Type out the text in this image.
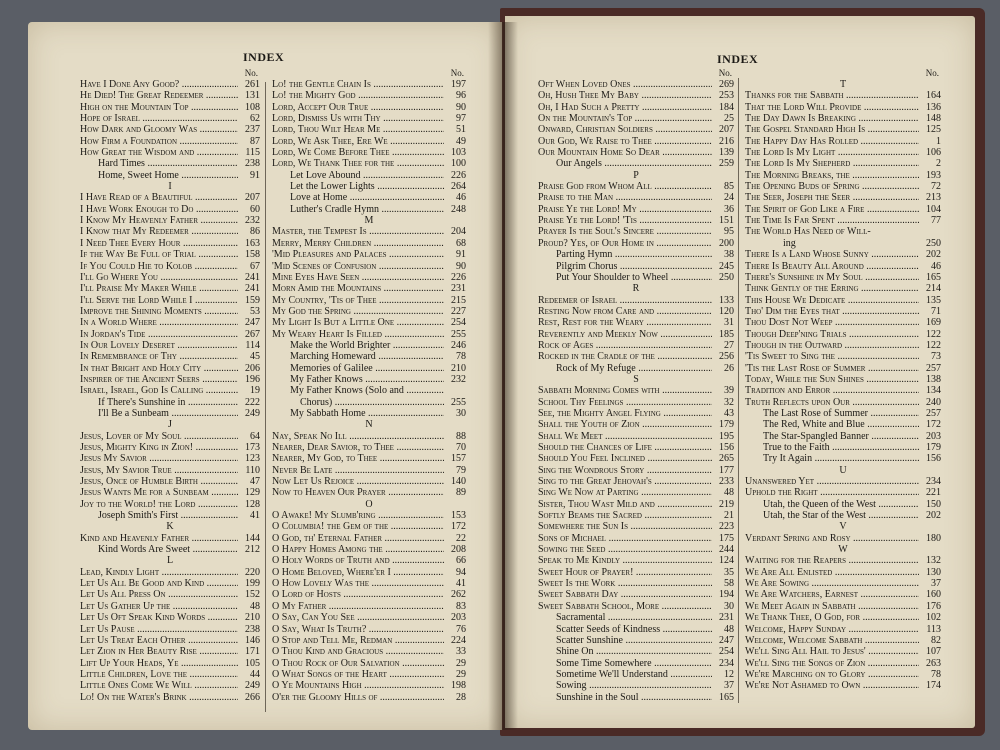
INDEX
No.
Have I Done Any Good? .....	261
He Died! The Great Redeemer .....	131
High on the Mountain Top .....	108
Hope of Israel .....	62
How Dark and Gloomy Was .....	237
How Firm a Foundation .....	87
How Great the Wisdom and .....	115
Hard Times .....	238
Home, Sweet Home .....	91
I
I Have Read of a Beautiful .....	207
I Have Work Enough to Do .....	60
I Know My Heavenly Father .....	232
I Know that My Redeemer .....	86
I Need Thee Every Hour .....	163
If the Way Be Full of Trial .....	158
If You Could Hie to Kolob .....	67
I'll Go Where You .....	241
I'll Praise My Maker While .....	241
I'll Serve the Lord While I .....	159
Improve the Shining Moments .....	53
In a World Where .....	247
In Jordan's Tide .....	267
In Our Lovely Deseret .....	114
In Remembrance of Thy .....	45
In that Bright and Holy City .....	206
Inspirer of the Ancient Seers .....	196
Israel, Israel, God Is Calling .....	19
If There's Sunshine in .....	222
I'll Be a Sunbeam .....	249
J
Jesus, Lover of My Soul .....	64
Jesus, Mighty King in Zion! .....	173
Jesus My Savior .....	123
Jesus, My Savior True .....	110
Jesus, Once of Humble Birth .....	47
Jesus Wants Me for a Sunbeam .....	129
Joy to the World! the Lord .....	128
Joseph Smith's First .....	41
K
Kind and Heavenly Father .....	144
Kind Words Are Sweet .....	212
L
Lead, Kindly Light .....	220
Let Us All Be Good and Kind .....	199
Let Us All Press On .....	152
Let Us Gather Up the .....	48
Let Us Oft Speak Kind Words .....	210
Let Us Pause .....	238
Let Us Treat Each Other .....	146
Let Zion in Her Beauty Rise .....	171
Lift Up Your Heads, Ye .....	105
Little Children, Love the .....	44
Little Ones Come We Will .....	249
Lo! On the Water's Brink .....	266
No.
Lo! the Gentle Chain Is .....	197
Lo! the Mighty God .....	96
Lord, Accept Our True .....	90
Lord, Dismiss Us with Thy .....	97
Lord, Thou Wilt Hear Me .....	51
Lord, We Ask Thee, Ere We .....	49
Lord, We Come Before Thee .....	103
Lord, We Thank Thee for the .....	100
Let Love Abound .....	226
Let the Lower Lights .....	264
Love at Home .....	46
Luther's Cradle Hymn .....	248
M
Master, the Tempest Is .....	204
Merry, Merry Children .....	68
'Mid Pleasures and Palaces .....	91
'Mid Scenes of Confusion .....	90
Mine Eyes Have Seen .....	226
Morn Amid the Mountains .....	231
My Country, 'Tis of Thee .....	215
My God the Spring .....	227
My Light Is But a Little One .....	254
My Weary Heart Is Filled .....	255
Make the World Brighter .....	246
Marching Homeward .....	78
Memories of Galilee .....	210
My Father Knows .....	232
My Father Knows (Solo and .....
Chorus) .....	255
My Sabbath Home .....	30
N
Nay, Speak No Ill .....	88
Nearer, Dear Savior, to Thee .....	70
Nearer, My God, to Thee .....	157
Never Be Late .....	79
Now Let Us Rejoice .....	140
Now to Heaven Our Prayer .....	89
O
O Awake! My Slumb'ring .....	153
O Columbia! the Gem of the .....	172
O God, th' Eternal Father .....	22
O Happy Homes Among the .....	208
O Holy Words of Truth and .....	66
O Home Beloved, Where'er I .....	94
O How Lovely Was the .....	41
O Lord of Hosts .....	262
O My Father .....	83
O Say, Can You See .....	203
O Say, What Is Truth? .....	76
O Stop and Tell Me, Redman .....	224
O Thou Kind and Gracious .....	33
O Thou Rock of Our Salvation .....	29
O What Songs of the Heart .....	29
O Ye Mountains High .....	198
O'er the Gloomy Hills of .....	28
INDEX
No.
Oft When Loved Ones .....	269
Oh, Hush Thee My Baby .....	253
Oh, I Had Such a Pretty .....	184
On the Mountain's Top .....	25
Onward, Christian Soldiers .....	207
Our God, We Raise to Thee .....	216
Our Mountain Home So Dear .....	139
Our Angels .....	259
P
Praise God from Whom All .....	85
Praise to the Man .....	24
Praise Ye the Lord! My .....	36
Praise Ye the Lord! 'Tis .....	151
Prayer Is the Soul's Sincere .....	95
Proud? Yes, of Our Home in .....	200
Parting Hymn .....	38
Pilgrim Chorus .....	245
Put Your Shoulder to Wheel .....	250
R
Redeemer of Israel .....	133
Resting Now from Care and .....	120
Rest, Rest for the Weary .....	31
Reverently and Meekly Now .....	185
Rock of Ages .....	27
Rocked in the Cradle of the .....	256
Rock of My Refuge .....	26
S
Sabbath Morning Comes with .....	39
School Thy Feelings .....	32
See, the Mighty Angel Flying .....	43
Shall the Youth of Zion .....	179
Shall We Meet .....	195
Should the Chances of Life .....	156
Should You Feel Inclined .....	265
Sing the Wondrous Story .....	177
Sing to the Great Jehovah's .....	233
Sing We Now at Parting .....	48
Sister, Thou Wast Mild and .....	219
Softly Beams the Sacred .....	21
Somewhere the Sun Is .....	223
Sons of Michael .....	175
Sowing the Seed .....	244
Speak to Me Kindly .....	124
Sweet Hour of Prayer! .....	35
Sweet Is the Work .....	58
Sweet Sabbath Day .....	194
Sweet Sabbath School, More .....	30
Sacramental .....	231
Scatter Seeds of Kindness .....	48
Scatter Sunshine .....	247
Shine On .....	254
Some Time Somewhere .....	234
Sometime We'll Understand .....	12
Sowing .....	37
Sunshine in the Soul .....	165
No.
T
Thanks for the Sabbath .....	164
That the Lord Will Provide .....	136
The Day Dawn Is Breaking .....	148
The Gospel Standard High Is .....	125
The Happy Day Has Rolled .....	1
The Lord Is My Light .....	106
The Lord Is My Shepherd .....	2
The Morning Breaks, the .....	193
The Opening Buds of Spring .....	72
The Seer, Joseph the Seer .....	213
The Spirit of God Like a Fire .....	104
The Time Is Far Spent .....	77
The World Has Need of Will-
ing	250
There Is a Land Whose Sunny .....	202
There Is Beauty All Around .....	46
There's Sunshine in My Soul .....	165
Think Gently of the Erring .....	214
This House We Dedicate .....	135
Tho' Dim the Eyes that .....	71
Thou Dost Not Weep .....	169
Though Deep'ning Trials .....	122
Though in the Outward .....	122
'Tis Sweet to Sing the .....	73
'Tis the Last Rose of Summer .....	257
Today, While the Sun Shines .....	138
Tradition and Error .....	134
Truth Reflects upon Our .....	240
The Last Rose of Summer .....	257
The Red, White and Blue .....	172
The Star-Spangled Banner .....	203
True to the Faith .....	179
Try It Again .....	156
U
Unanswered Yet .....	234
Uphold the Right .....	221
Utah, the Queen of the West .....	150
Utah, the Star of the West .....	202
V
Verdant Spring and Rosy .....	180
W
Waiting for the Reapers .....	132
We Are All Enlisted .....	130
We Are Sowing .....	37
We Are Watchers, Earnest .....	160
We Meet Again in Sabbath .....	176
We Thank Thee, O God, for .....	102
Welcome, Happy Sunday .....	113
Welcome, Welcome Sabbath .....	82
We'll Sing All Hail to Jesus' .....	107
We'll Sing the Songs of Zion .....	263
We're Marching on to Glory .....	78
We're Not Ashamed to Own .....	174
